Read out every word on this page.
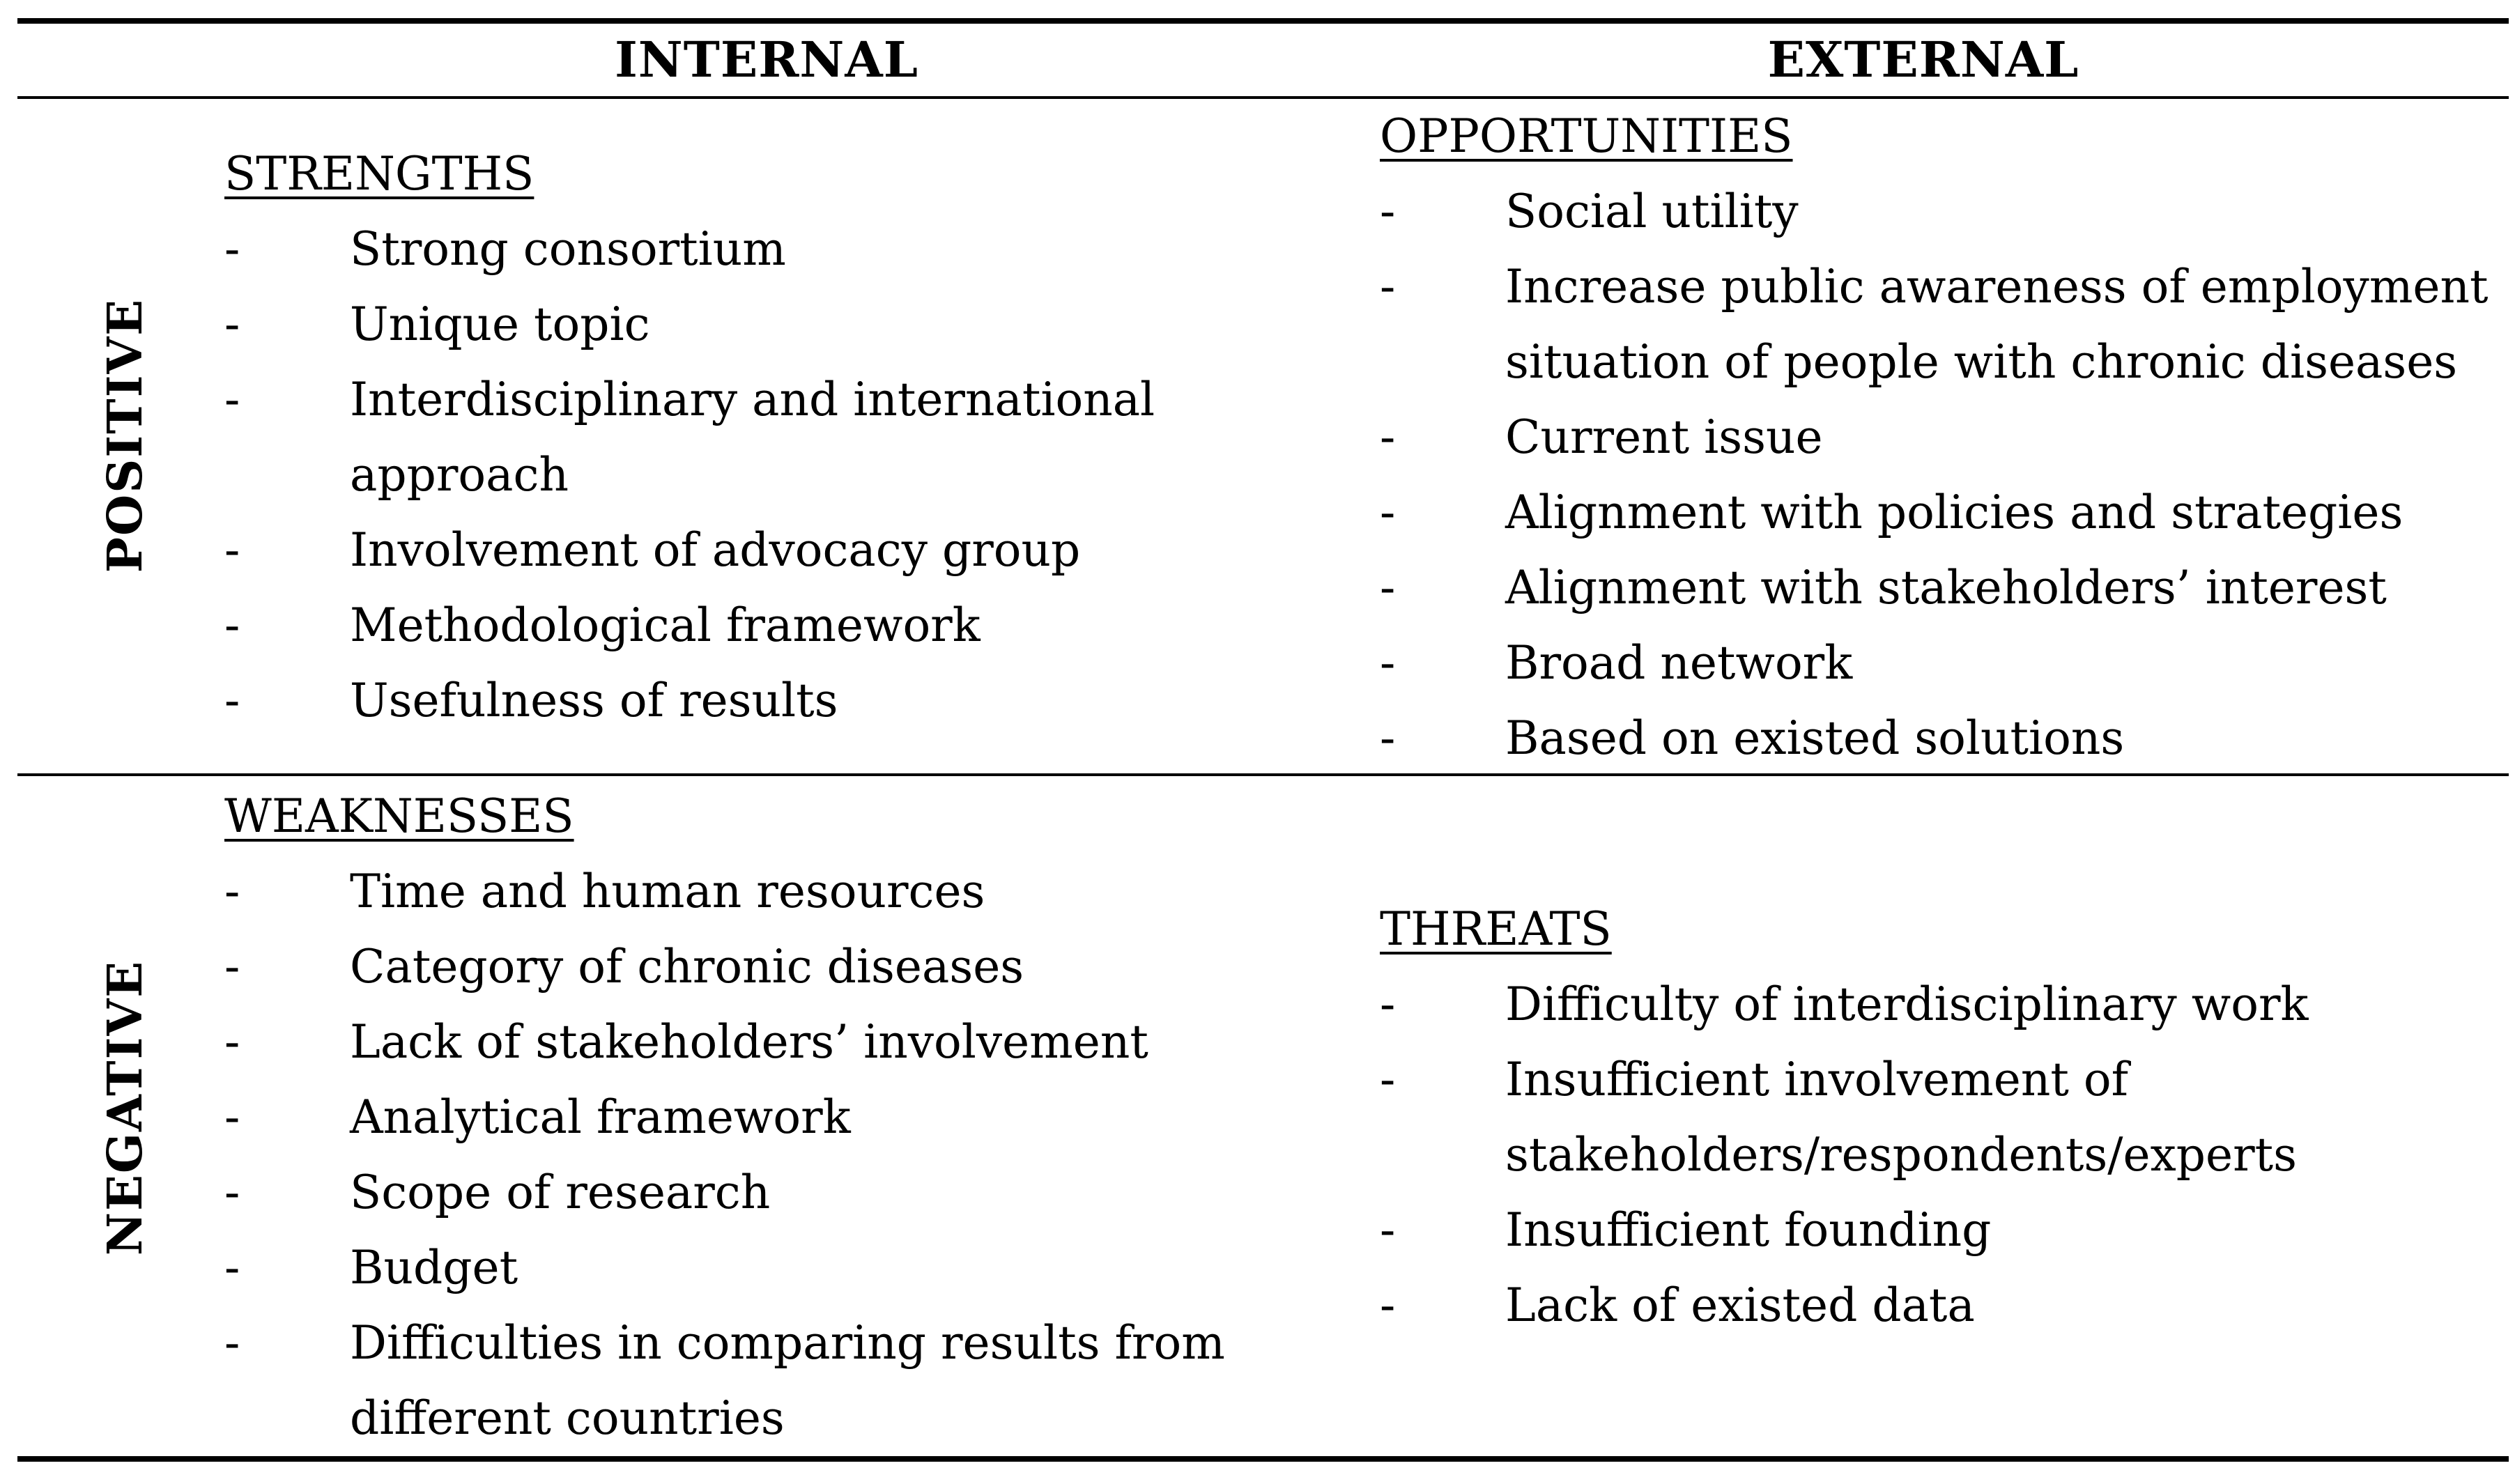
INTERNAL	EXTERNAL
POSITIVE
NEGATIVE
STRENGTHS
- Strong consortium
- Unique topic
- Interdisciplinary and international approach
- Involvement of advocacy group
- Methodological framework
- Usefulness of results
OPPORTUNITIES
- Social utility
- Increase public awareness of employment situation of people with chronic diseases
- Current issue
- Alignment with policies and strategies
- Alignment with stakeholders’ interest
- Broad network
- Based on existed solutions
WEAKNESSES
- Time and human resources
- Category of chronic diseases
- Lack of stakeholders’ involvement
- Analytical framework
- Scope of research
- Budget
- Difficulties in comparing results from different countries
THREATS
- Difficulty of interdisciplinary work
- Insufficient involvement of stakeholders/respondents/experts
- Insufficient founding
- Lack of existed data
